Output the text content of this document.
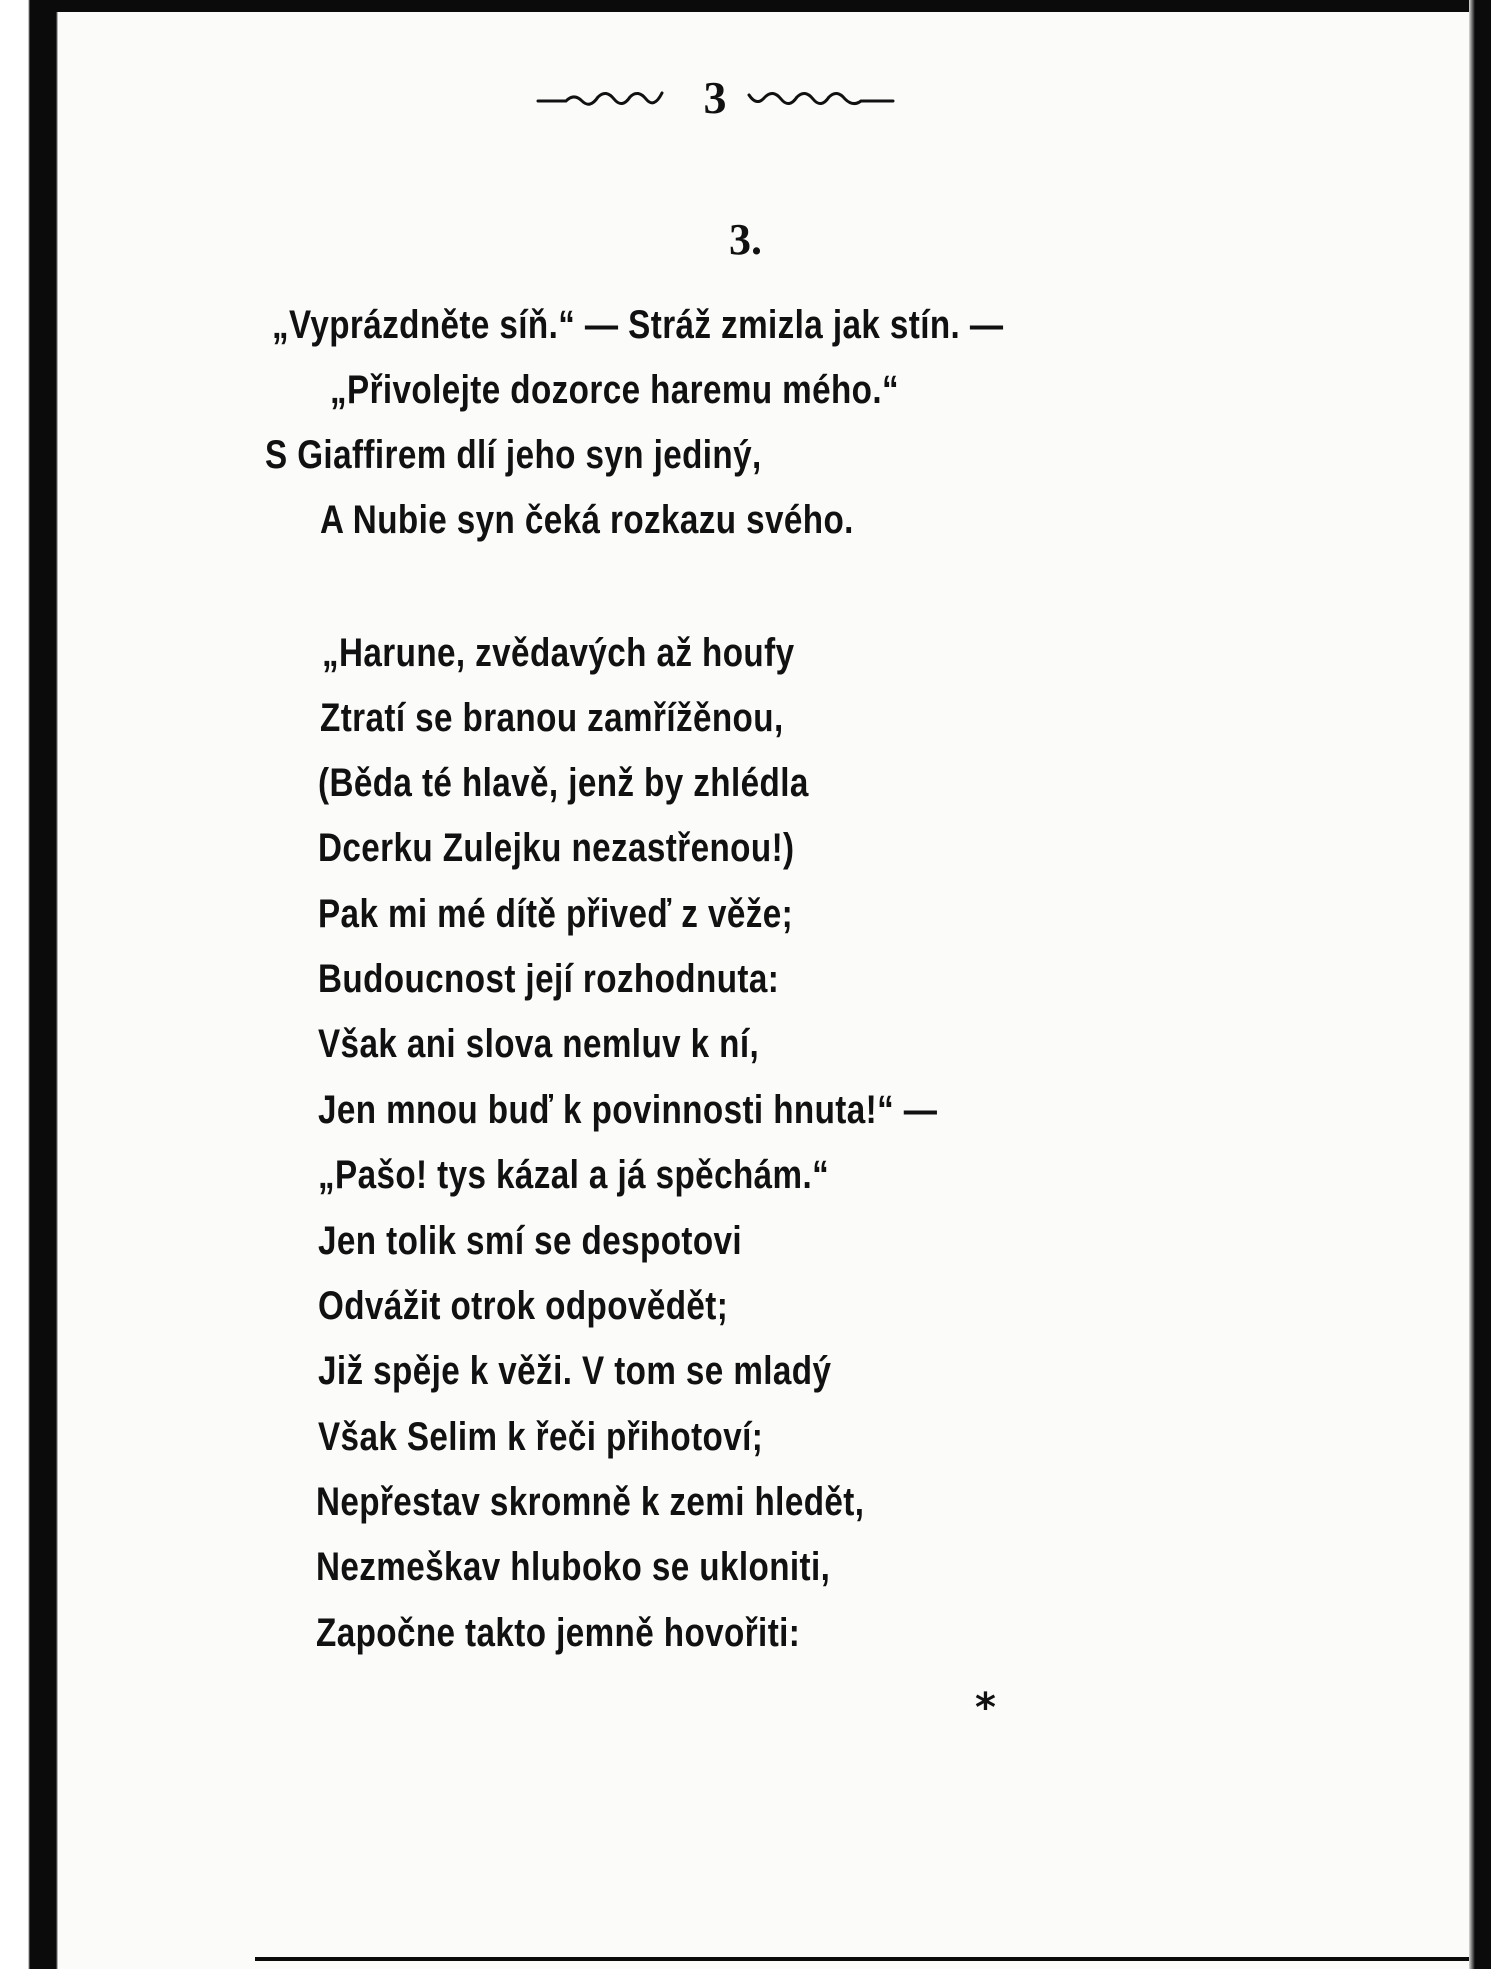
3
3.
„Vyprázdněte síň.“ — Stráž zmizla jak stín. —
„Přivolejte dozorce haremu mého.“
S Giaffirem dlí jeho syn jediný,
A Nubie syn čeká rozkazu svého.
„Harune, zvědavých až houfy
Ztratí se branou zamřížěnou,
(Běda té hlavě, jenž by zhlédla
Dcerku Zulejku nezastřenou!)
Pak mi mé dítě přiveď z věže;
Budoucnost její rozhodnuta:
Však ani slova nemluv k ní,
Jen mnou buď k povinnosti hnuta!“ —
„Pašo! tys kázal a já spěchám.“
Jen tolik smí se despotovi
Odvážit otrok odpovědět;
Již spěje k věži. V tom se mladý
Však Selim k řeči přihotoví;
Nepřestav skromně k zemi hledět,
Nezmeškav hluboko se ukloniti,
Započne takto jemně hovořiti:
*
